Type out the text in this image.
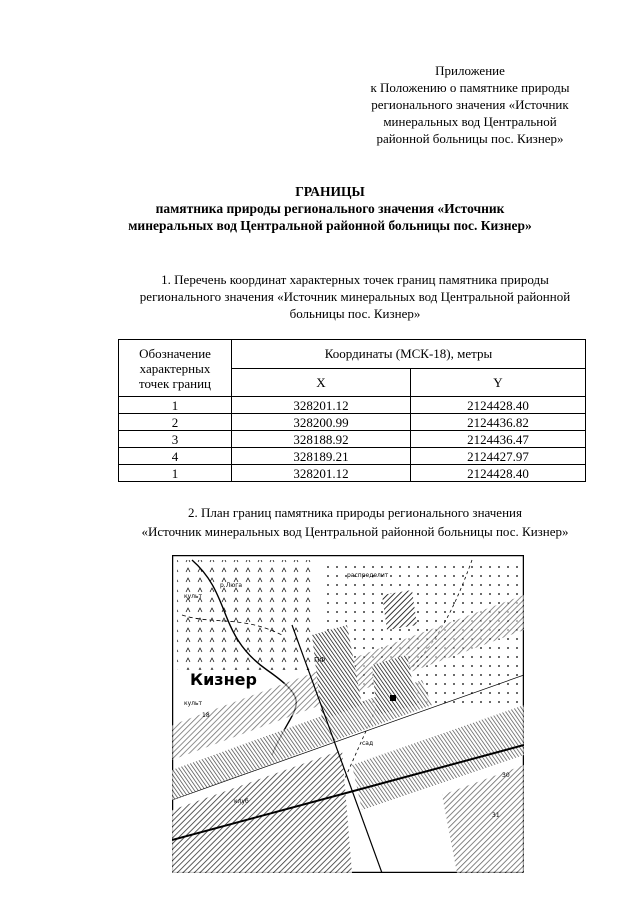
Приложение
к Положению о памятнике природы
регионального значения «Источник
минеральных вод Центральной
районной больницы пос. Кизнер»
ГРАНИЦЫ
памятника природы регионального значения «Источник
минеральных вод Центральной районной больницы пос. Кизнер»
1. Перечень координат характерных точек границ памятника природы
регионального значения «Источник минеральных вод Центральной районной
больницы пос. Кизнер»
Обозначение
характерных
точек границ	Координаты (МСК-18), метры	
	X	Y
1	328201.12	2124428.40
2	328200.99	2124436.82
3	328188.92	2124436.47
4	328189.21	2124427.97
1	328201.12	2124428.40
2. План границ памятника природы регионального значения
«Источник минеральных вод Центральной районной больницы пос. Кизнер»
Кизнер
культ
р.Люга
распределит
ПФ
клуб
сад
культ
30
31
18
